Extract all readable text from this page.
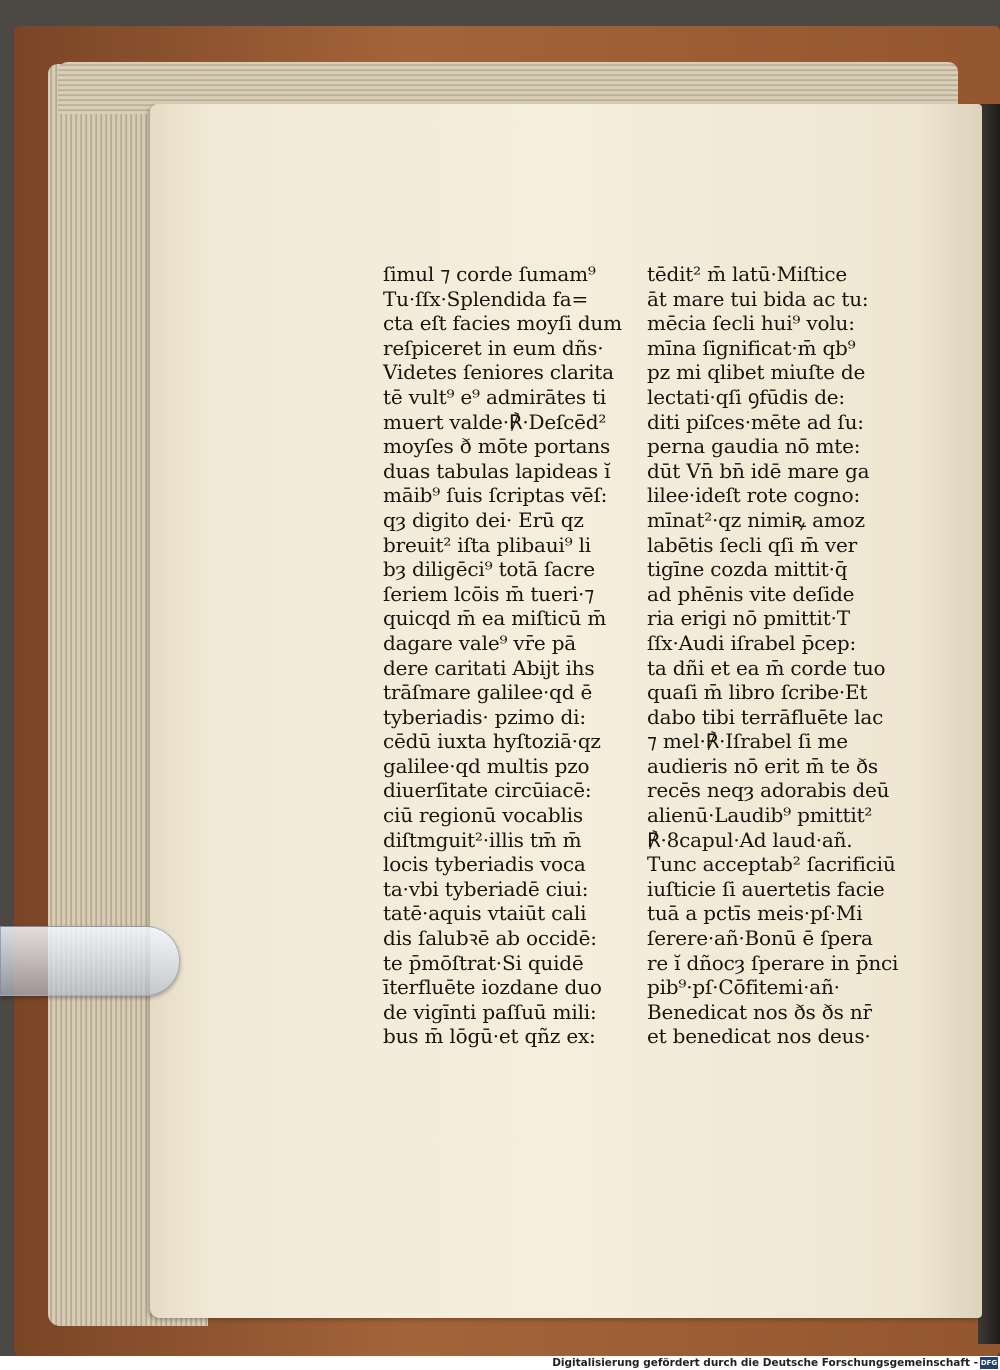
ſimul ⁊ corde ſumam⁹
Tu·ſſx·Splendida fa=
cta eſt facies moyſi dum
reſpiceret in eum dñs·
Videtes ſeniores clarita
tē vult⁹ e⁹ admirātes ti
muert valde·℟·Deſcēd²
moyſes ð mōte portans
duas tabulas lapideas ĭ
māib⁹ ſuis ſcriptas vēſ:
qȝ digito dei· Erū qz
breuit² iſta plibaui⁹ li
bȝ diligēci⁹ totā ſacre
ſeriem lcōis m̄ tueri·⁊
quicqd m̄ ea miſticū m̄
dagare vale⁹ vr̄e pā
dere caritati Abijt ihs
trāſmare galilee·qd ē
tyberiadis· pzimo di:
cēdū iuxta hyſtoziā·qz
galilee·qd multis pzo
diuerſitate circūiacē:
ciū regionū vocablis
diſtmguit²·illis tm̄ m̄
locis tyberiadis voca
ta·vbi tyberiadē ciui:
tatē·aquis vtaiūt cali
dis ſalubꝛē ab occidē:
te p̄mōſtrat·Si quidē
īterfluēte iozdane duo
de vigīnti paſſuū mili:
bus m̄ lōgū·et qñz ex:
tēdit² m̄ latū·Miſtice
āt mare tui bida ac tu:
mēcia ſecli hui⁹ volu:
mīna ſignificat·m̄ qb⁹
pz mi qlibet miuſte de
lectati·qſi ꝯfūdis de:
diti piſces·mēte ad ſu:
perna gaudia nō mte:
dūt Vn̄ bn̄ idē mare ga
lilee·ideſt rote cogno:
mīnat²·qz nimiꝶ amoz
labētis ſecli qſi m̄ ver
tigīne cozda mittit·q̄
ad phēnis vite deſide
ria erigi nō pmittit·T
ſſx·Audi iſrabel p̄cep:
ta dñi et ea m̄ corde tuo
quaſi m̄ libro ſcribe·Et
dabo tibi terrāfluēte lac
⁊ mel·℟·Iſrabel ſi me
audieris nō erit m̄ te ðs
recēs neqȝ adorabis deū
alienū·Laudib⁹ pmittit²
℟·8capul·Ad laud·añ.
Tunc acceptab² ſacrificiū
iuſticie ſi auertetis facie
tuā a pctīs meis·pſ·Mi
ſerere·añ·Bonū ē ſpera
re ĭ dñocȝ ſperare in p̄nci
pib⁹·pſ·Cōfitemi·añ·
Benedicat nos ðs ðs nr̄
et benedicat nos deus·
Digitalisierung gefördert durch die Deutsche Forschungsgemeinschaft - DFG
